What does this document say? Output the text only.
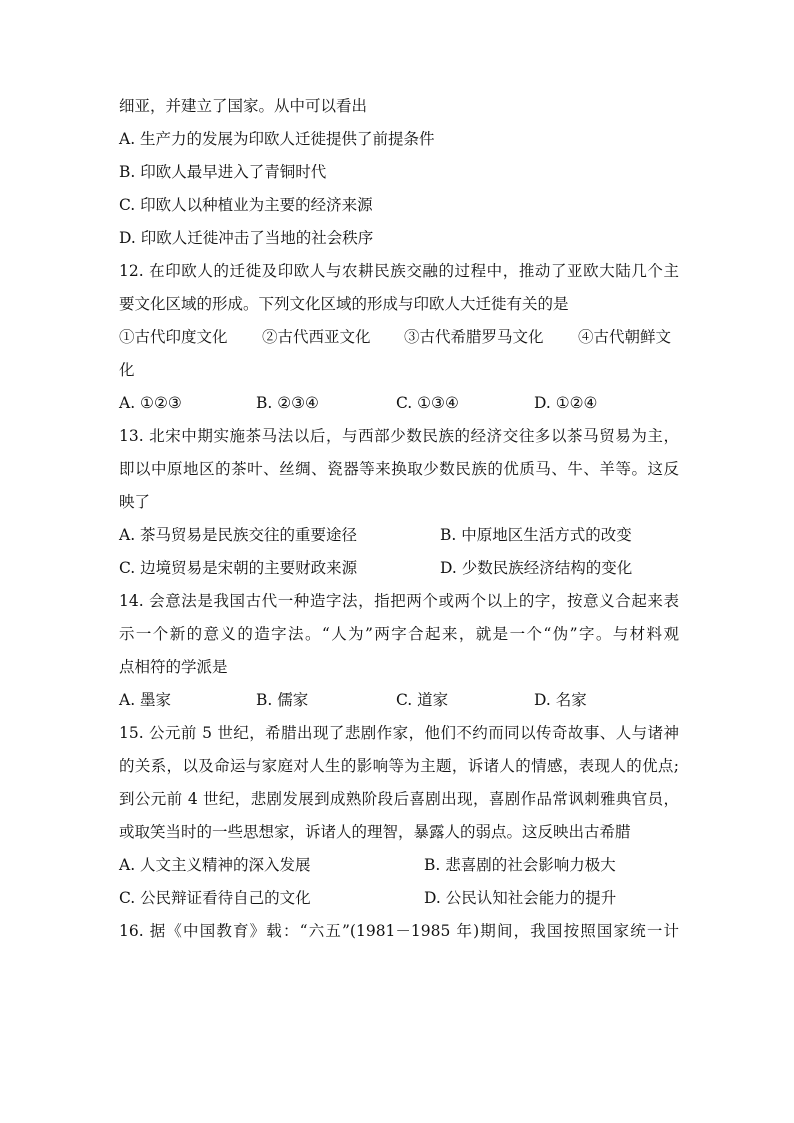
细亚，并建立了国家。从中可以看出
A. 生产力的发展为印欧人迁徙提供了前提条件
B. 印欧人最早进入了青铜时代
C. 印欧人以种植业为主要的经济来源
D. 印欧人迁徙冲击了当地的社会秩序
12. 在印欧人的迁徙及印欧人与农耕民族交融的过程中，推动了亚欧大陆几个主
要文化区域的形成。下列文化区域的形成与印欧人大迁徙有关的是
①古代印度文化 ②古代西亚文化 ③古代希腊罗马文化 ④古代朝鲜文
化
A. ①②③	B. ②③④	C. ①③④	D. ①②④
13. 北宋中期实施茶马法以后，与西部少数民族的经济交往多以茶马贸易为主，
即以中原地区的茶叶、丝绸、瓷器等来换取少数民族的优质马、牛、羊等。这反
映了
A. 茶马贸易是民族交往的重要途径	B. 中原地区生活方式的改变
C. 边境贸易是宋朝的主要财政来源	D. 少数民族经济结构的变化
14. 会意法是我国古代一种造字法，指把两个或两个以上的字，按意义合起来表
示一个新的意义的造字法。“人为”两字合起来，就是一个“伪”字。与材料观
点相符的学派是
A. 墨家	B. 儒家	C. 道家	D. 名家
15. 公元前 5 世纪，希腊出现了悲剧作家，他们不约而同以传奇故事、人与诸神
的关系，以及命运与家庭对人生的影响等为主题，诉诸人的情感，表现人的优点;
到公元前 4 世纪，悲剧发展到成熟阶段后喜剧出现，喜剧作品常讽刺雅典官员，
或取笑当时的一些思想家，诉诸人的理智，暴露人的弱点。这反映出古希腊
A. 人文主义精神的深入发展	B. 悲喜剧的社会影响力极大
C. 公民辩证看待自己的文化	D. 公民认知社会能力的提升
16. 据《中国教育》载：“六五”(1981－1985 年)期间，我国按照国家统一计
